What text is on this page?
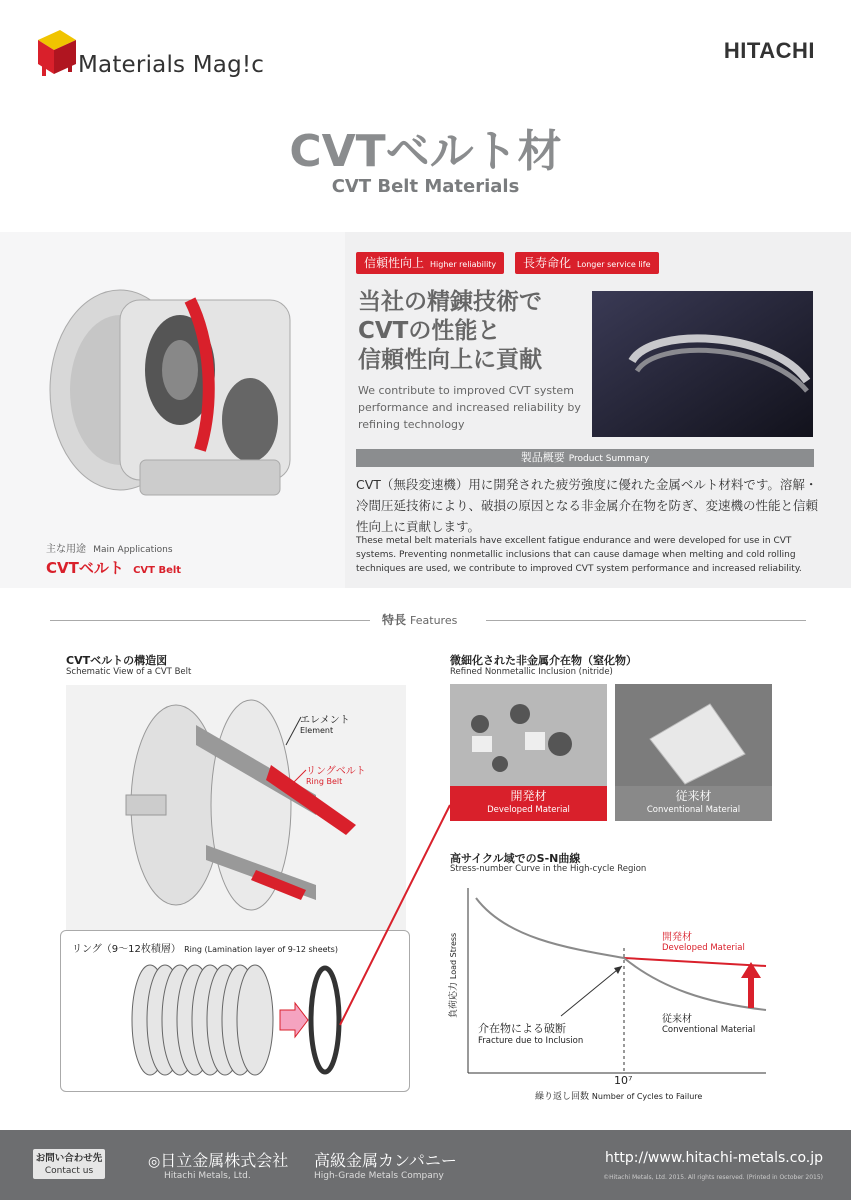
Materials Mag!c
HITACHI
CVTベルト材
CVT Belt Materials
主な用途 Main Applications
CVTベルト CVT Belt
信頼性向上 Higher reliability	長寿命化 Longer service life
当社の精錬技術で
CVTの性能と
信頼性向上に貢献
We contribute to improved CVT system performance and increased reliability by refining technology
製品概要 Product Summary
CVT（無段変速機）用に開発された疲労強度に優れた金属ベルト材料です。溶解・冷間圧延技術により、破損の原因となる非金属介在物を防ぎ、変速機の性能と信頼性向上に貢献します。
These metal belt materials have excellent fatigue endurance and were developed for use in CVT systems. Preventing nonmetallic inclusions that can cause damage when melting and cold rolling techniques are used, we contribute to improved CVT system performance and increased reliability.
特長 Features
CVTベルトの構造図
Schematic View of a CVT Belt
エレメント
Element
リングベルト
Ring Belt
リング（9〜12枚積層） Ring (Lamination layer of 9-12 sheets)
微細化された非金属介在物（窒化物）
Refined Nonmetallic Inclusion (nitride)
開発材
Developed Material
従来材
Conventional Material
高サイクル域でのS-N曲線
Stress-number Curve in the High-cycle Region
負荷応力 Load Stress	開発材
Developed Material
従来材
Conventional Material
介在物による破断
Fracture due to Inclusion
10⁷
繰り返し回数 Number of Cycles to Failure
お問い合わせ先
Contact us
◎日立金属株式会社
Hitachi Metals, Ltd.
高級金属カンパニー
High-Grade Metals Company
http://www.hitachi-metals.co.jp
©Hitachi Metals, Ltd. 2015. All rights reserved. (Printed in October 2015)
